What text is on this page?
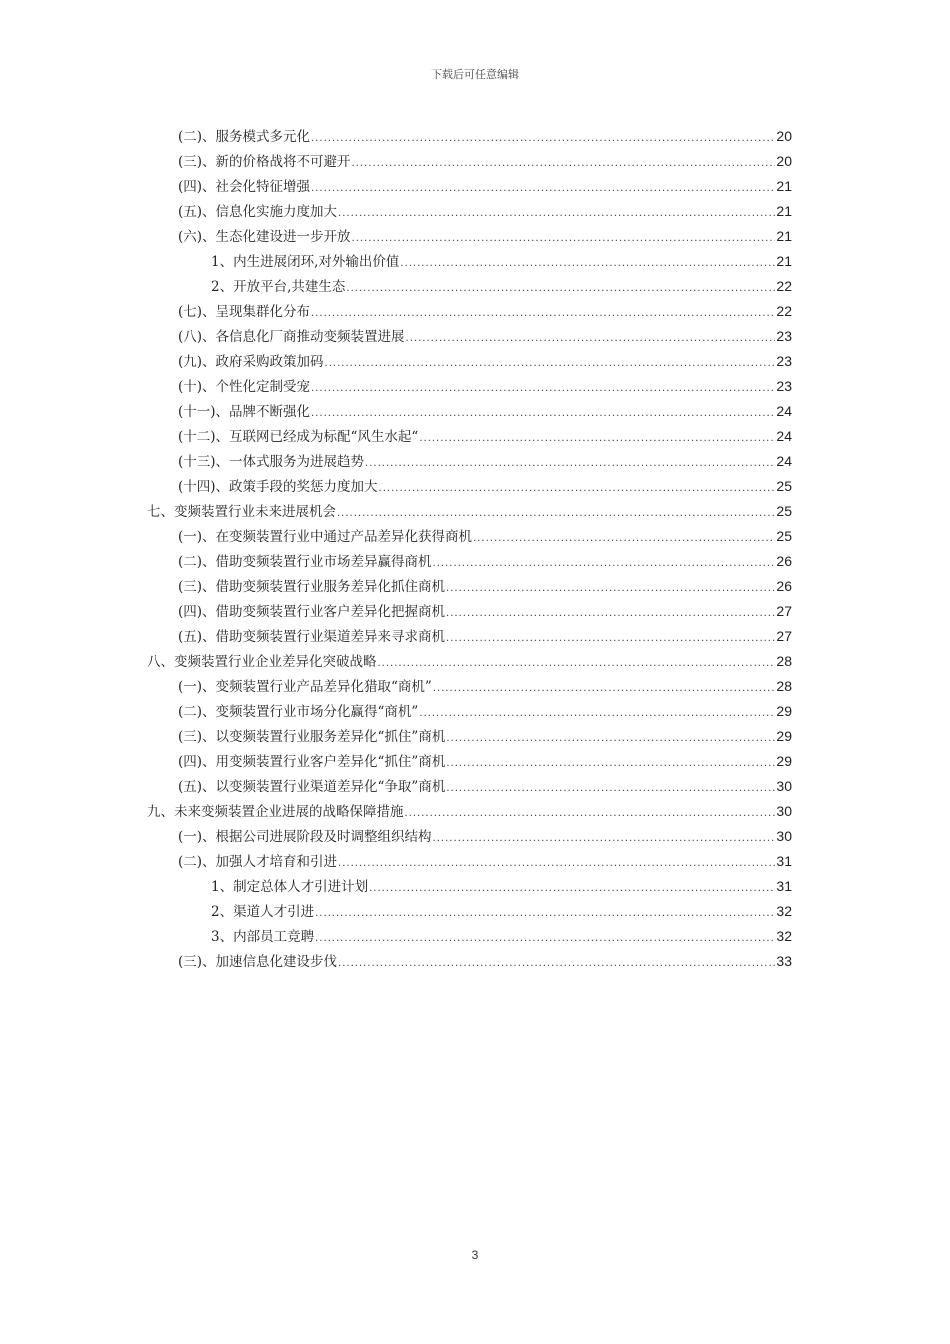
下载后可任意编辑
(二)、服务模式多元化 .....	20
(三)、新的价格战将不可避开 .....	20
(四)、社会化特征增强 .....	21
(五)、信息化实施力度加大 .....	21
(六)、生态化建设进一步开放 .....	21
1、内生进展闭环,对外输出价值 .....	21
2、开放平台,共建生态 .....	22
(七)、呈现集群化分布 .....	22
(八)、各信息化厂商推动变频装置进展 .....	23
(九)、政府采购政策加码 .....	23
(十)、个性化定制受宠 .....	23
(十一)、品牌不断强化 .....	24
(十二)、互联网已经成为标配“风生水起“ .....	24
(十三)、一体式服务为进展趋势 .....	24
(十四)、政策手段的奖惩力度加大 .....	25
七、变频装置行业未来进展机会 .....	25
(一)、在变频装置行业中通过产品差异化获得商机 .....	25
(二)、借助变频装置行业市场差异赢得商机 .....	26
(三)、借助变频装置行业服务差异化抓住商机 .....	26
(四)、借助变频装置行业客户差异化把握商机 .....	27
(五)、借助变频装置行业渠道差异来寻求商机 .....	27
八、变频装置行业企业差异化突破战略 .....	28
(一)、变频装置行业产品差异化猎取“商机” .....	28
(二)、变频装置行业市场分化赢得“商机” .....	29
(三)、以变频装置行业服务差异化“抓住”商机 .....	29
(四)、用变频装置行业客户差异化“抓住”商机 .....	29
(五)、以变频装置行业渠道差异化“争取”商机 .....	30
九、未来变频装置企业进展的战略保障措施 .....	30
(一)、根据公司进展阶段及时调整组织结构 .....	30
(二)、加强人才培育和引进 .....	31
1、制定总体人才引进计划 .....	31
2、渠道人才引进 .....	32
3、内部员工竞聘 .....	32
(三)、加速信息化建设步伐 .....	33
3
